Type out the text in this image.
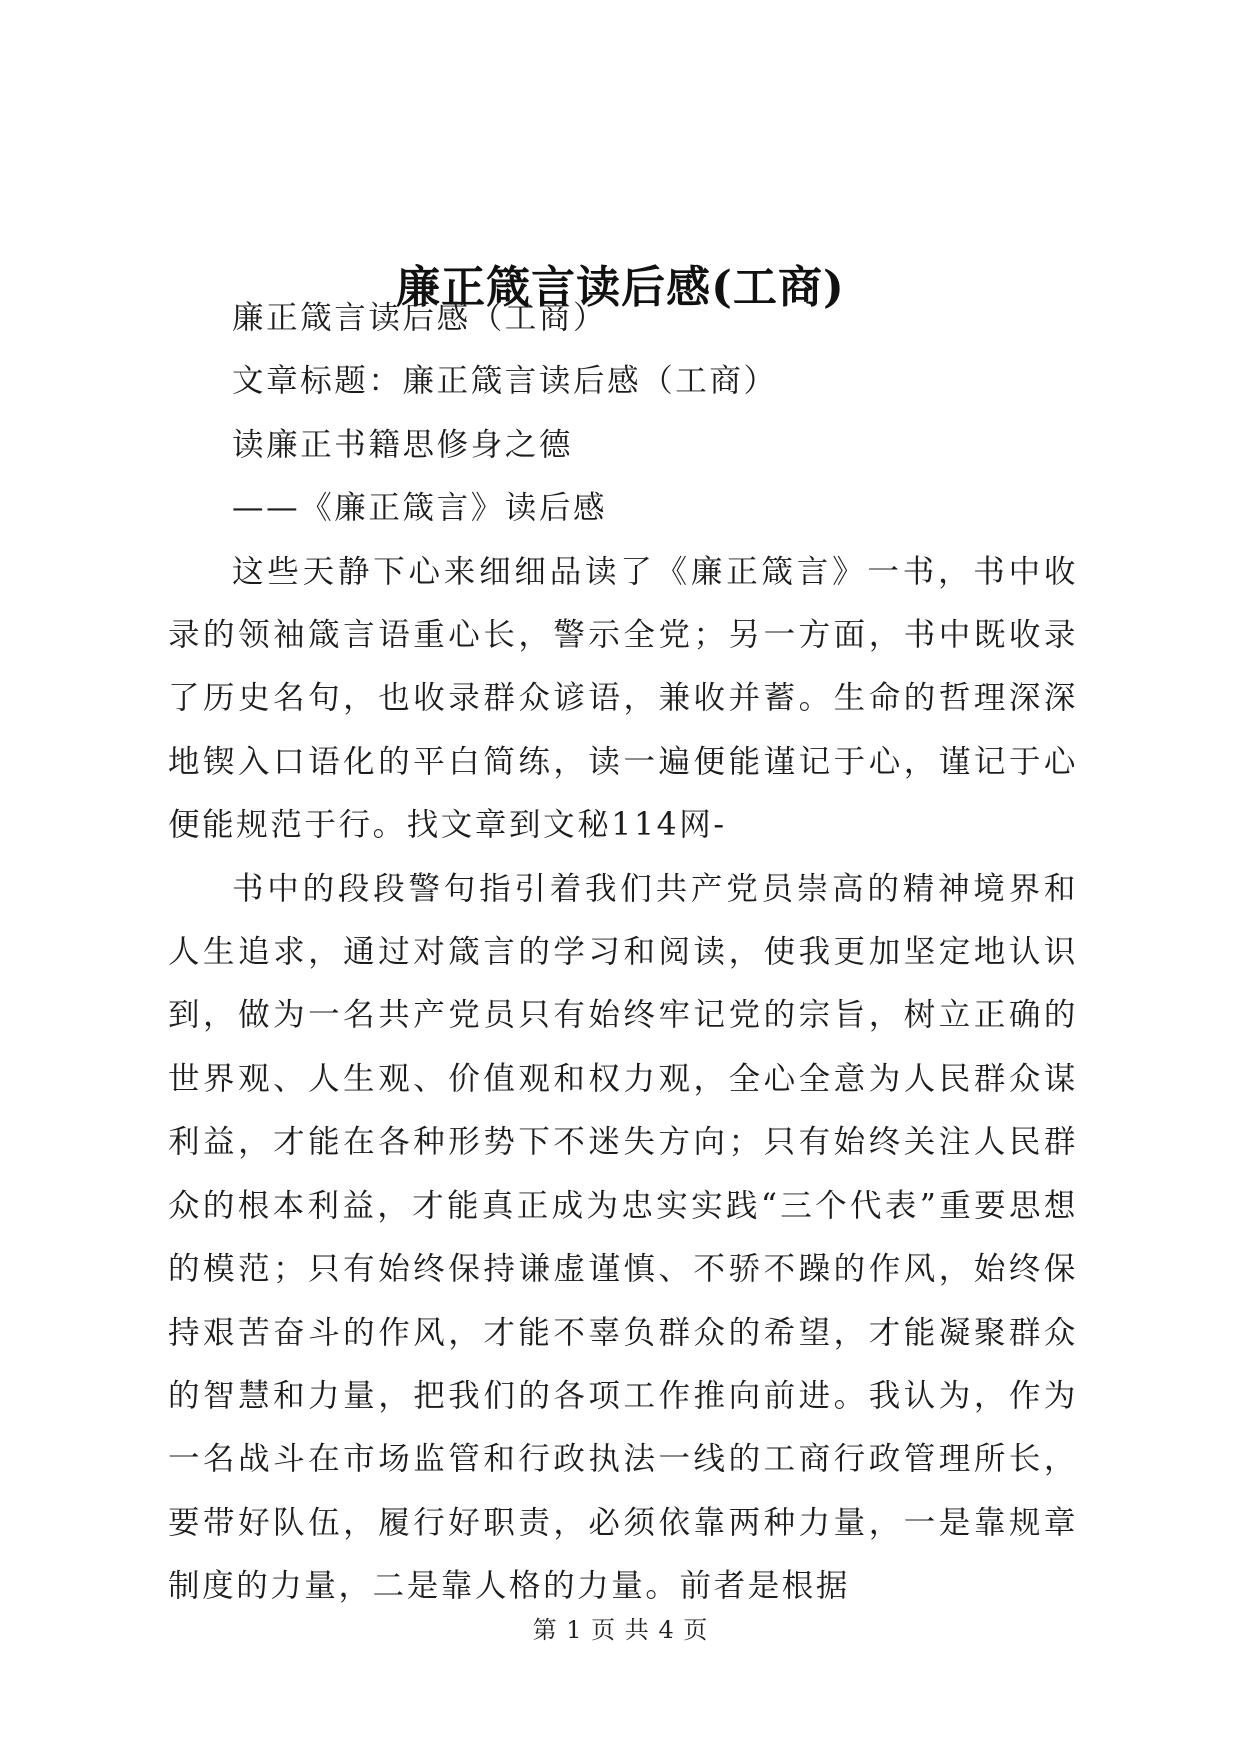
廉正箴言读后感(工商)

廉正箴言读后感（工商）

文章标题：廉正箴言读后感（工商）

读廉正书籍思修身之德

——《廉正箴言》读后感

这些天静下心来细细品读了《廉正箴言》一书，书中收录的领袖箴言语重心长，警示全党；另一方面，书中既收录了历史名句，也收录群众谚语，兼收并蓄。生命的哲理深深地锲入口语化的平白简练，读一遍便能谨记于心，谨记于心便能规范于行。找文章到文秘114网-

书中的段段警句指引着我们共产党员崇高的精神境界和人生追求，通过对箴言的学习和阅读，使我更加坚定地认识到，做为一名共产党员只有始终牢记党的宗旨，树立正确的世界观、人生观、价值观和权力观，全心全意为人民群众谋利益，才能在各种形势下不迷失方向；只有始终关注人民群众的根本利益，才能真正成为忠实实践“三个代表”重要思想的模范；只有始终保持谦虚谨慎、不骄不躁的作风，始终保持艰苦奋斗的作风，才能不辜负群众的希望，才能凝聚群众的智慧和力量，把我们的各项工作推向前进。我认为，作为一名战斗在市场监管和行政执法一线的工商行政管理所长，要带好队伍，履行好职责，必须依靠两种力量，一是靠规章制度的力量，二是靠人格的力量。前者是根据

第 1 页 共 4 页
